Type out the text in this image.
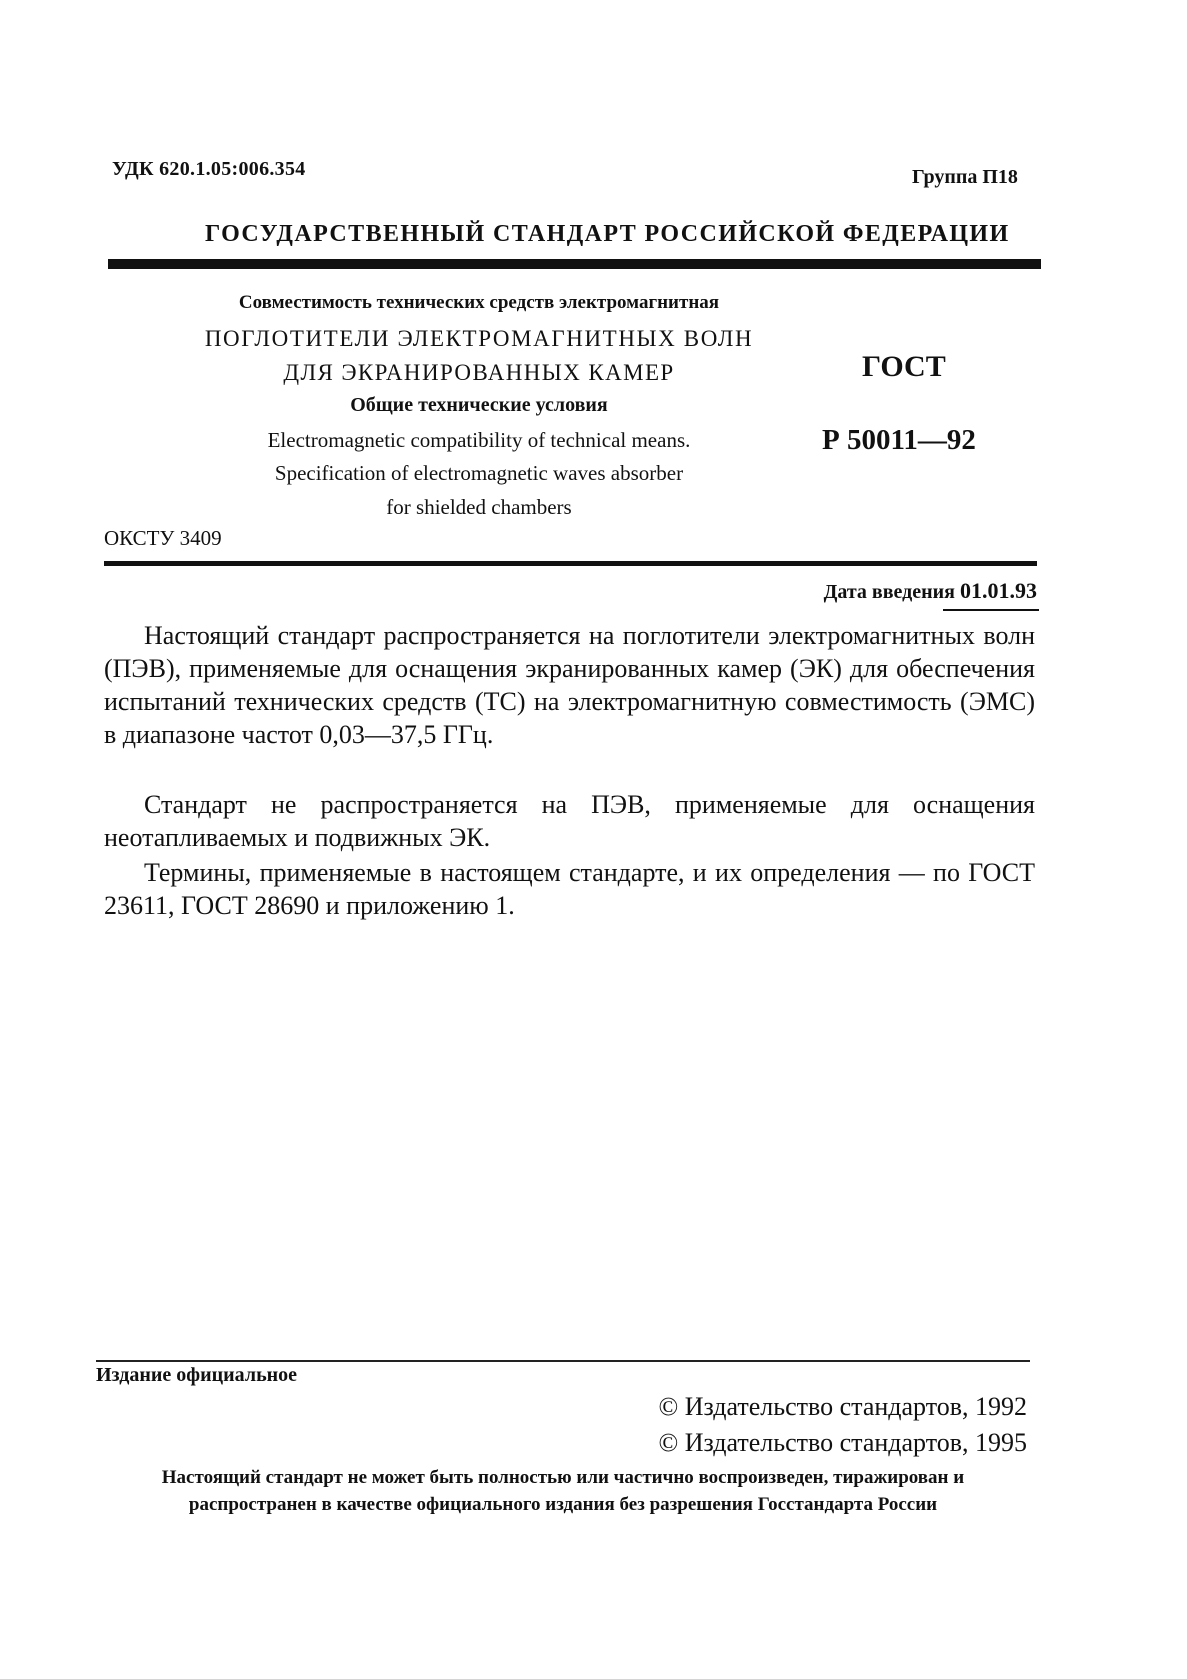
УДК 620.1.05:006.354	Группа П18
ГОСУДАРСТВЕННЫЙ СТАНДАРТ РОССИЙСКОЙ ФЕДЕРАЦИИ
Совместимость технических средств электромагнитная
ПОГЛОТИТЕЛИ ЭЛЕКТРОМАГНИТНЫХ ВОЛН
ДЛЯ ЭКРАНИРОВАННЫХ КАМЕР
Общие технические условия
Electromagnetic compatibility of technical means.
Specification of electromagnetic waves absorber
for shielded chambers
ГОСТ
Р 50011—92
ОКСТУ 3409
Дата введения 01.01.93
Настоящий стандарт распространяется на поглотители электромагнитных волн (ПЭВ), применяемые для оснащения экранированных камер (ЭК) для обеспечения испытаний технических средств (ТС) на электромагнитную совместимость (ЭМС) в диапазоне частот 0,03—37,5 ГГц.
Стандарт не распространяется на ПЭВ, применяемые для оснащения неотапливаемых и подвижных ЭК.
Термины, применяемые в настоящем стандарте, и их определения — по ГОСТ 23611, ГОСТ 28690 и приложению 1.
Издание официальное
© Издательство стандартов, 1992
© Издательство стандартов, 1995
Настоящий стандарт не может быть полностью или частично воспроизведен, тиражирован и распространен в качестве официального издания без разрешения Госстандарта России
